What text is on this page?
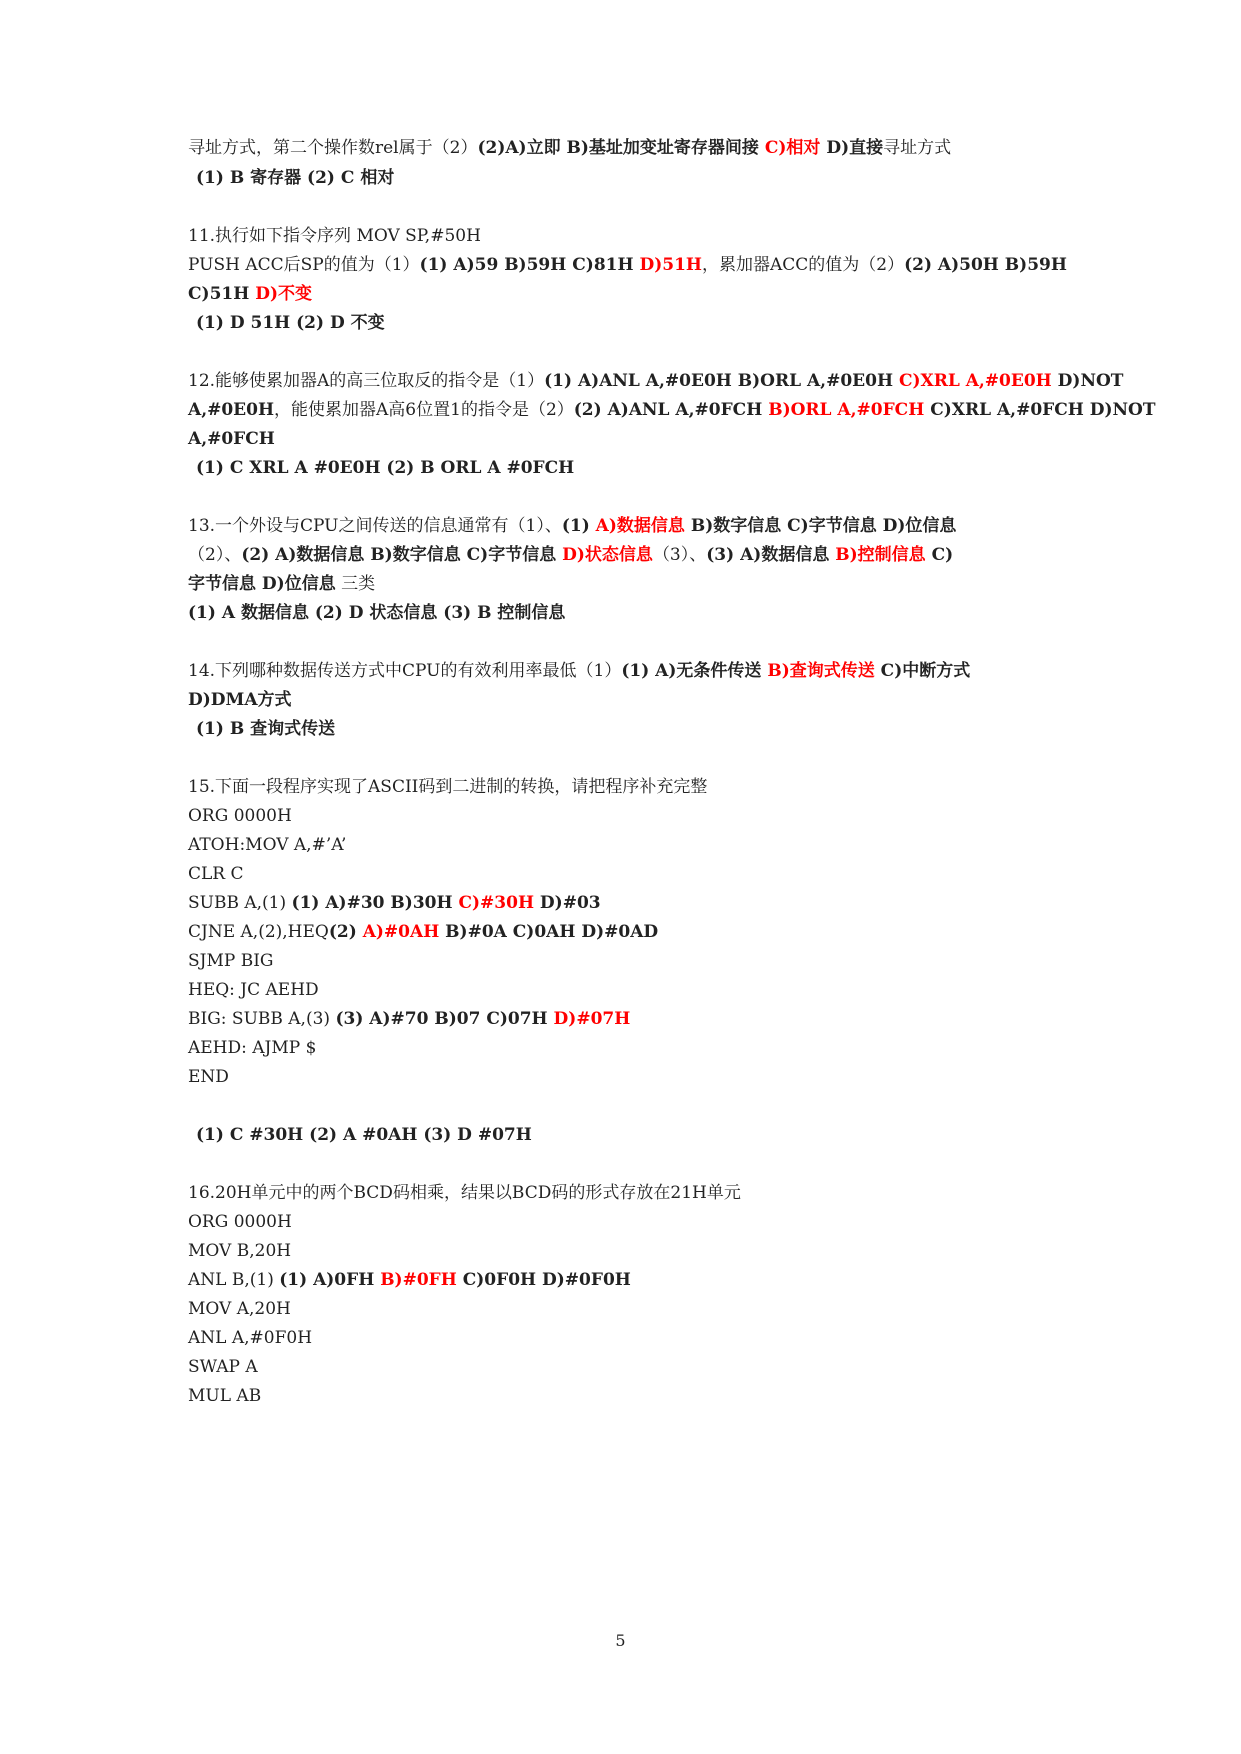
寻址方式，第二个操作数rel属于（2）(2)A)立即 B)基址加变址寄存器间接 C)相对 D)直接寻址方式
(1) B 寄存器 (2) C 相对
11.执行如下指令序列 MOV SP,#50H
PUSH ACC后SP的值为（1）(1) A)59 B)59H C)81H D)51H，累加器ACC的值为（2）(2) A)50H B)59H
C)51H D)不变
(1) D 51H (2) D 不变
12.能够使累加器A的高三位取反的指令是（1）(1) A)ANL A,#0E0H B)ORL A,#0E0H C)XRL A,#0E0H D)NOT
A,#0E0H，能使累加器A高6位置1的指令是（2）(2) A)ANL A,#0FCH B)ORL A,#0FCH C)XRL A,#0FCH D)NOT
A,#0FCH
(1) C XRL A #0E0H (2) B ORL A #0FCH
13.一个外设与CPU之间传送的信息通常有（1）、(1) A)数据信息 B)数字信息 C)字节信息 D)位信息
（2）、(2) A)数据信息 B)数字信息 C)字节信息 D)状态信息（3）、(3) A)数据信息 B)控制信息 C)
字节信息 D)位信息 三类
(1) A 数据信息 (2) D 状态信息 (3) B 控制信息
14.下列哪种数据传送方式中CPU的有效利用率最低（1）(1) A)无条件传送 B)查询式传送 C)中断方式
D)DMA方式
(1) B 查询式传送
15.下面一段程序实现了ASCII码到二进制的转换，请把程序补充完整
ORG 0000H
ATOH:MOV A,#’A’
CLR C
SUBB A,(1) (1) A)#30 B)30H C)#30H D)#03
CJNE A,(2),HEQ(2) A)#0AH B)#0A C)0AH D)#0AD
SJMP BIG
HEQ: JC AEHD
BIG: SUBB A,(3) (3) A)#70 B)07 C)07H D)#07H
AEHD: AJMP $
END
(1) C #30H (2) A #0AH (3) D #07H
16.20H单元中的两个BCD码相乘，结果以BCD码的形式存放在21H单元
ORG 0000H
MOV B,20H
ANL B,(1) (1) A)0FH B)#0FH C)0F0H D)#0F0H
MOV A,20H
ANL A,#0F0H
SWAP A
MUL AB
5
